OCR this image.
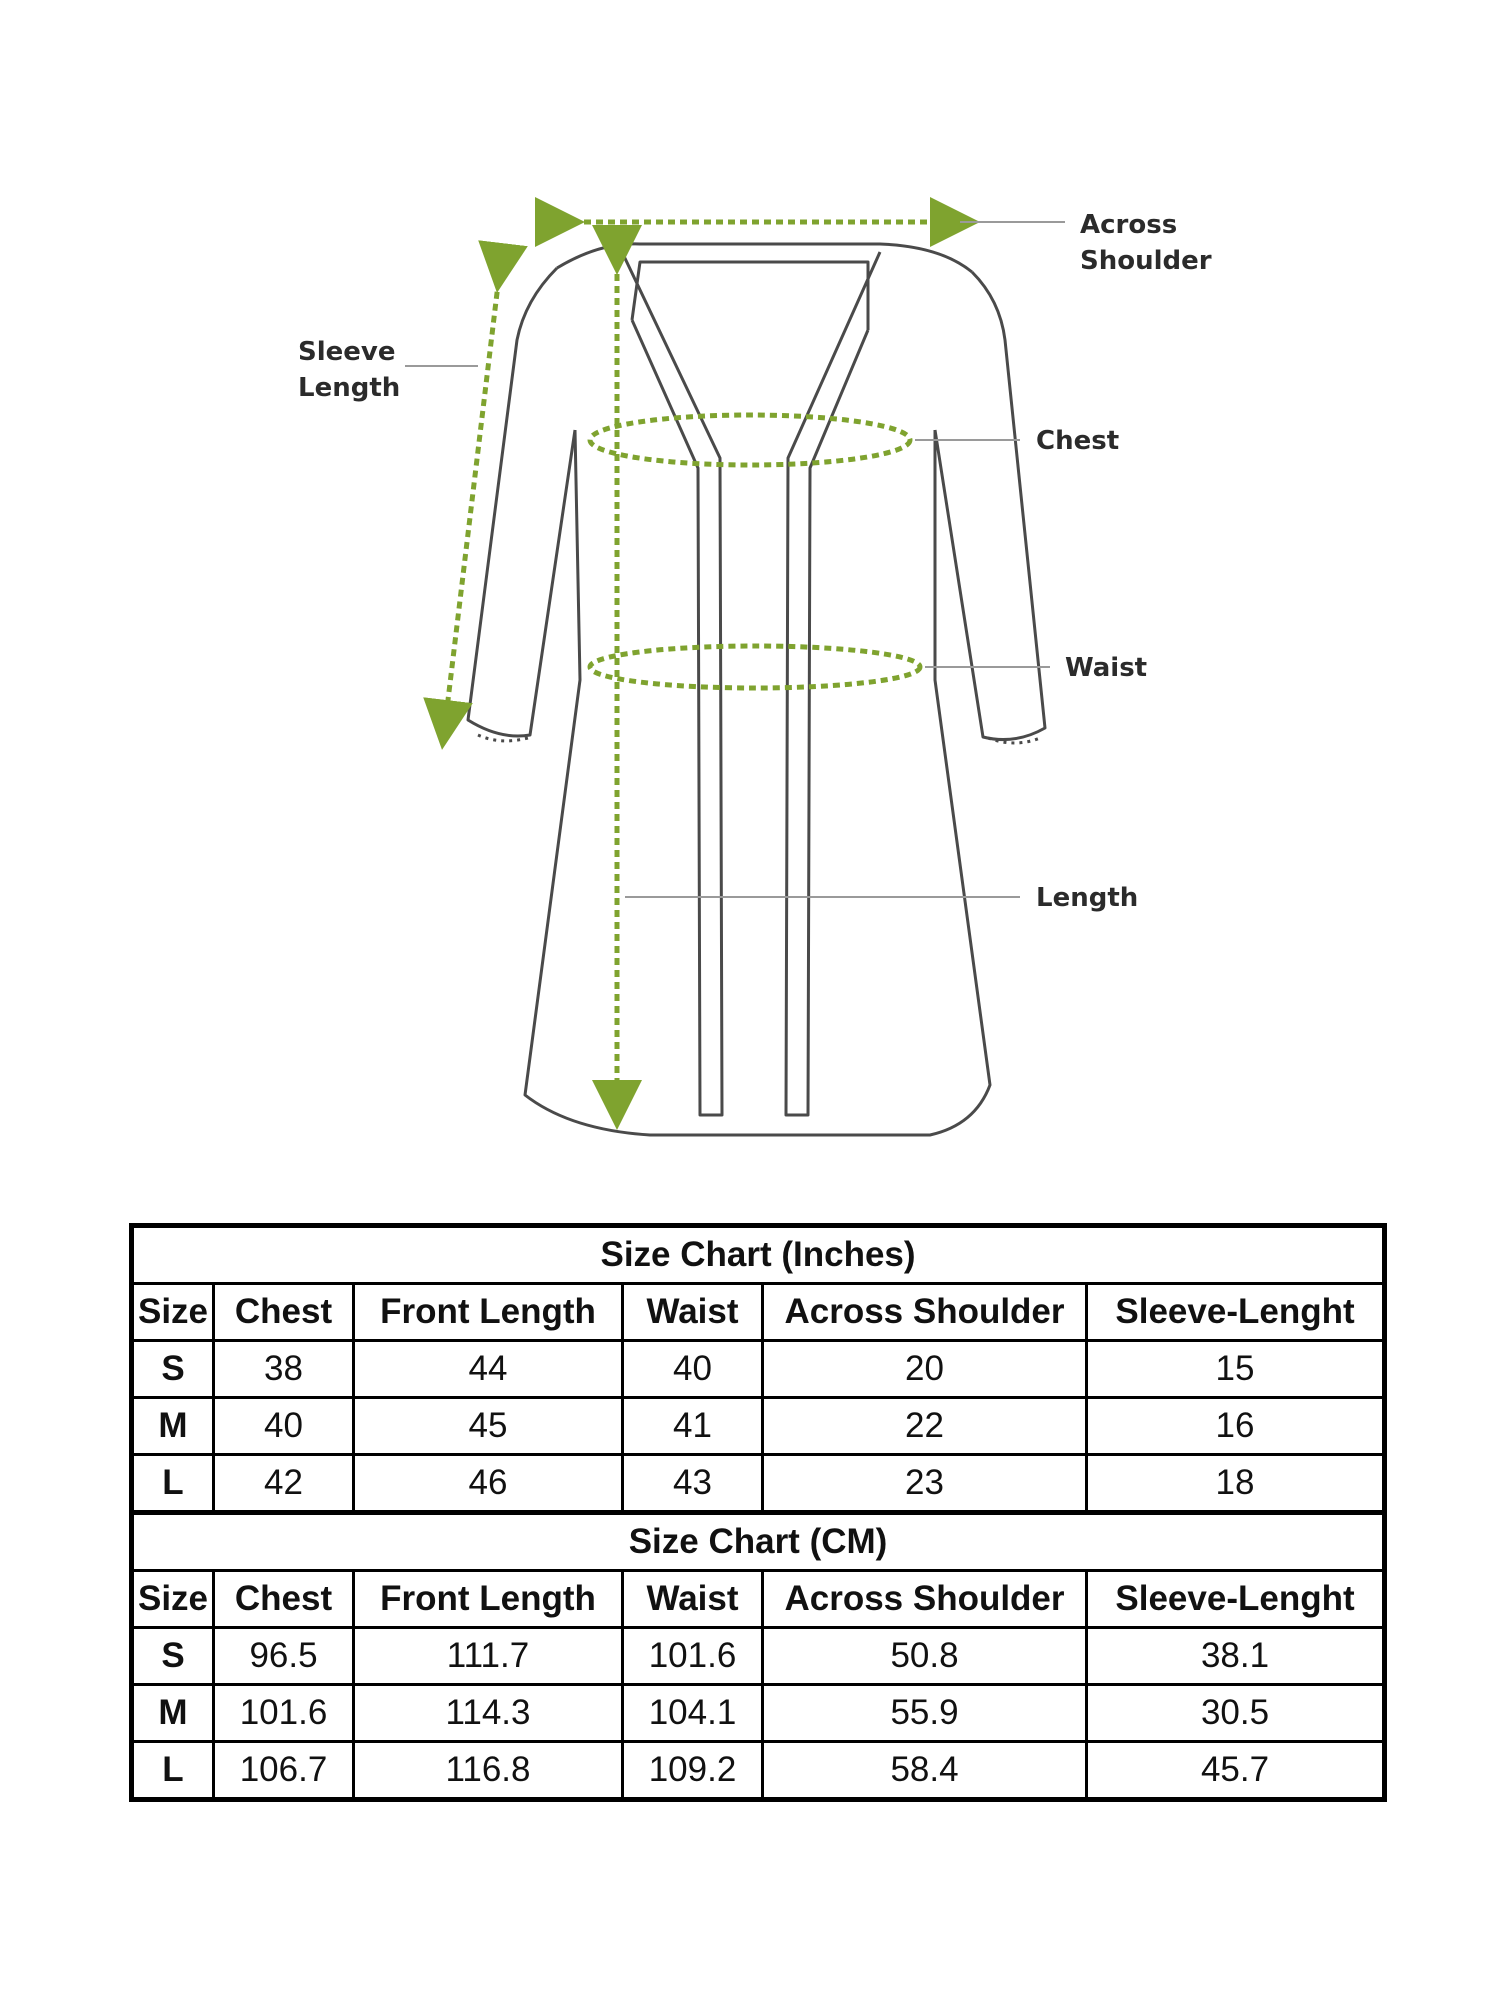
Across
Shoulder
Sleeve
Length
Chest
Waist
Length
Size Chart (Inches)					
Size	Chest	Front Length	Waist	Across Shoulder	Sleeve-Lenght
S	38	44	40	20	15
M	40	45	41	22	16
L	42	46	43	23	18
Size Chart (CM)					
Size	Chest	Front Length	Waist	Across Shoulder	Sleeve-Lenght
S	96.5	111.7	101.6	50.8	38.1
M	101.6	114.3	104.1	55.9	30.5
L	106.7	116.8	109.2	58.4	45.7
